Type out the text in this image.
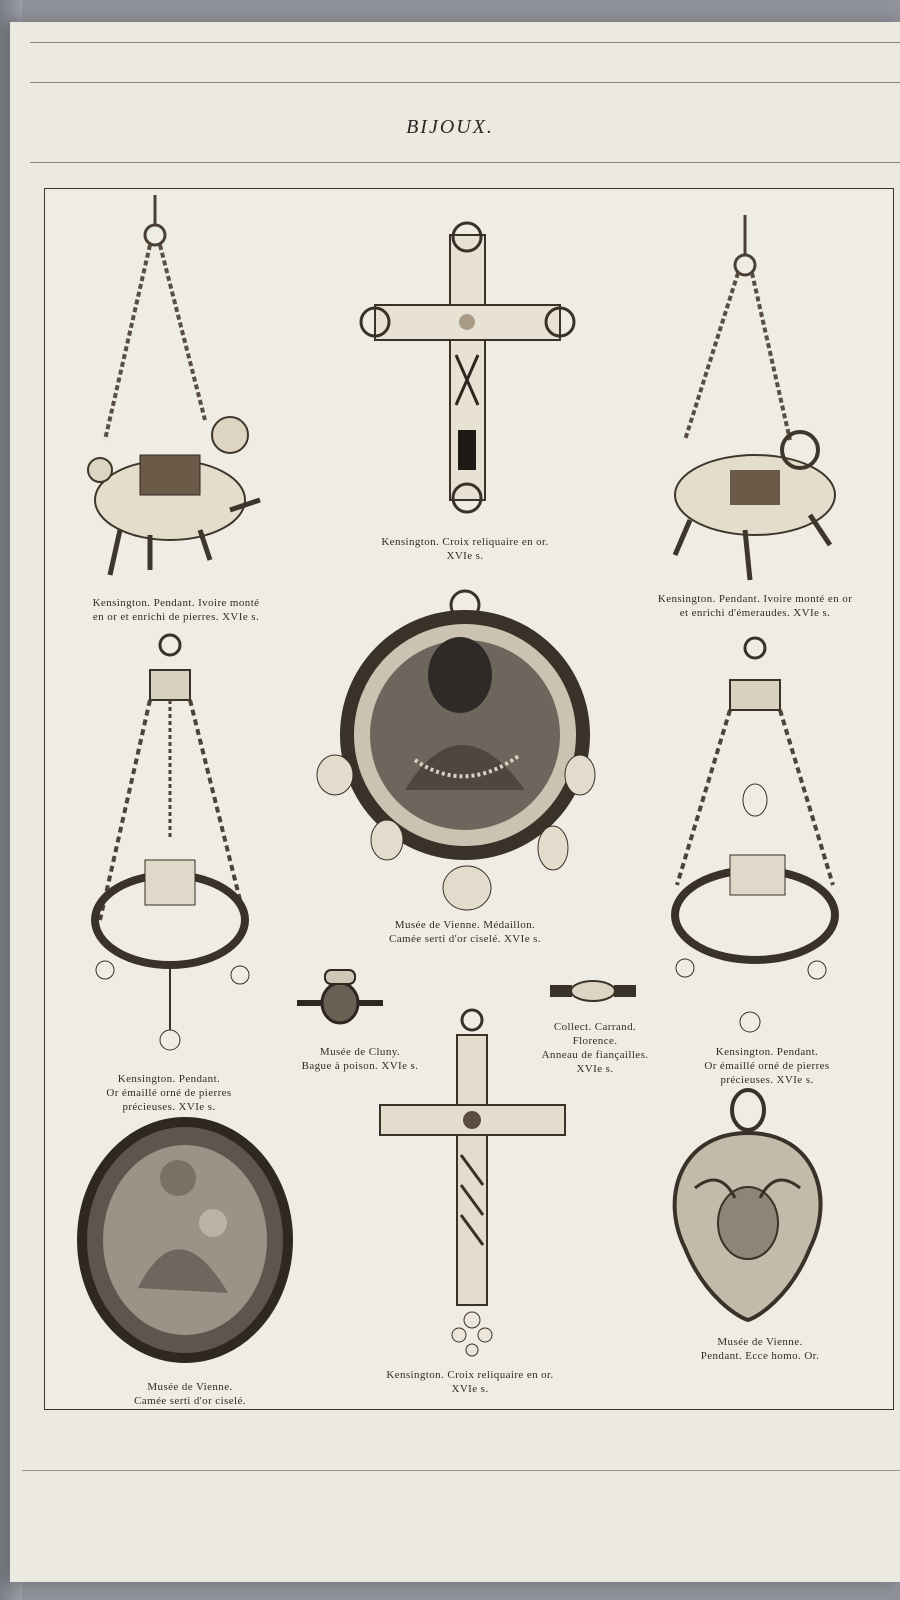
BIJOUX.
Kensington. Pendant. Ivoire monté
en or et enrichi de pierres. XVIe s.
Kensington. Croix reliquaire en or.
XVIe s.
Kensington. Pendant. Ivoire monté en or
et enrichi d'émeraudes. XVIe s.
Kensington. Pendant.
Or émaillé orné de pierres
précieuses. XVIe s.
Musée de Vienne. Médaillon.
Camée serti d'or ciselé. XVIe s.
Kensington. Pendant.
Or émaillé orné de pierres
précieuses. XVIe s.
Musée de Cluny.
Bague à poison. XVIe s.
Collect. Carrand.
Florence.
Anneau de fiançailles.
XVIe s.
Musée de Vienne.
Camée serti d'or ciselé.
Kensington. Croix reliquaire en or.
XVIe s.
Musée de Vienne.
Pendant. Ecce homo. Or.
